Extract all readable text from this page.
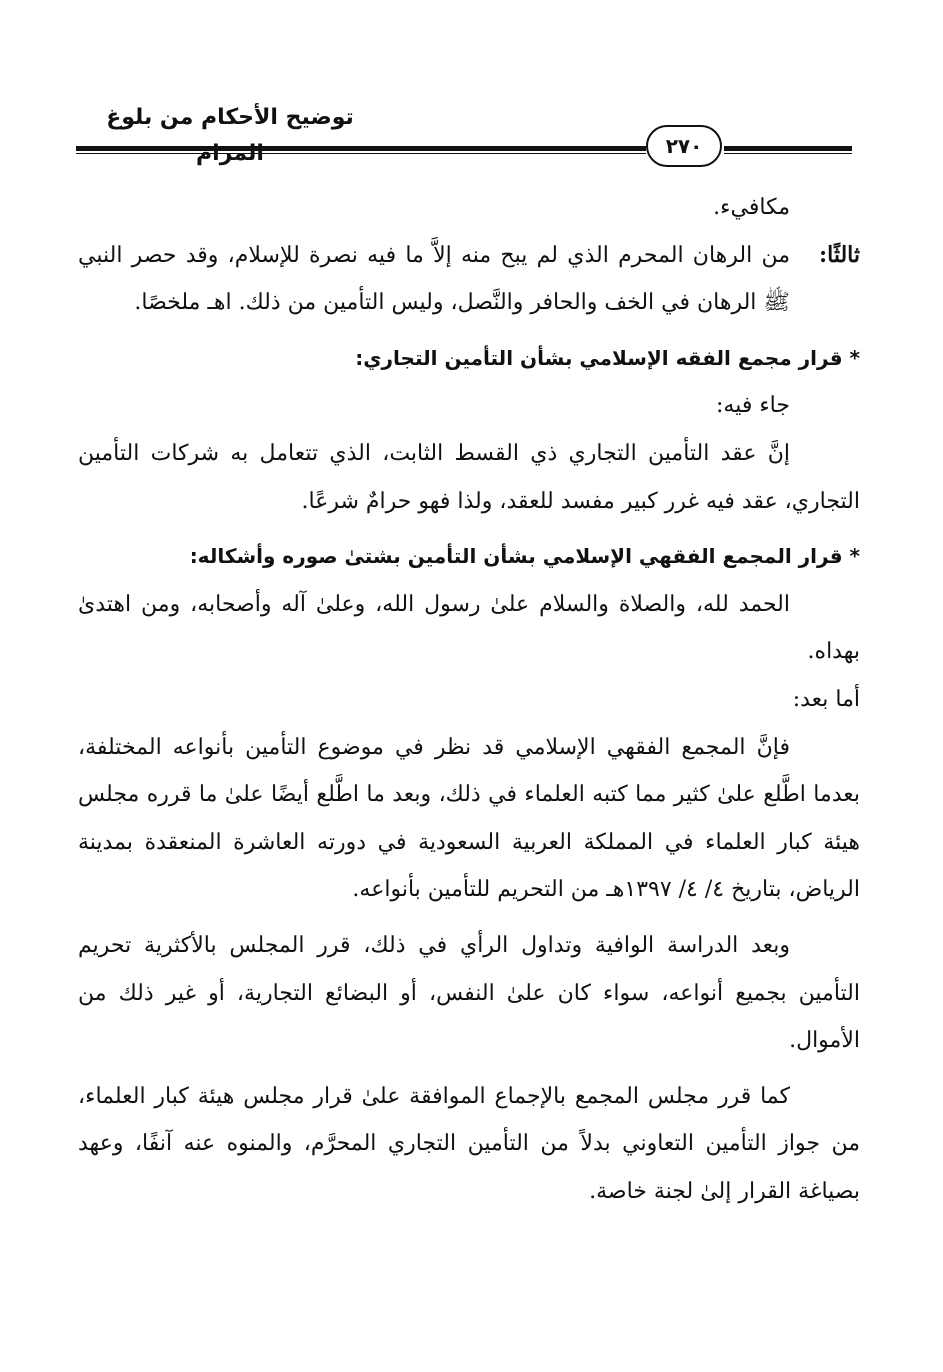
توضيح الأحكام من بلوغ المرام	٢٧٠

مكافيء.

ثالثًا:من الرهان المحرم الذي لم يبح منه إلاَّ ما فيه نصرة للإسلام، وقد حصر النبي ﷺ الرهان في الخف والحافر والنَّصل، وليس التأمين من ذلك. اهـ ملخصًا.

* قرار مجمع الفقه الإسلامي بشأن التأمين التجاري:

جاء فيه:

إنَّ عقد التأمين التجاري ذي القسط الثابت، الذي تتعامل به شركات التأمين التجاري، عقد فيه غرر كبير مفسد للعقد، ولذا فهو حرامٌ شرعًا.

* قرار المجمع الفقهي الإسلامي بشأن التأمين بشتىٰ صوره وأشكاله:

الحمد لله، والصلاة والسلام علىٰ رسول الله، وعلىٰ آله وأصحابه، ومن اهتدىٰ بهداه.

أما بعد:

فإنَّ المجمع الفقهي الإسلامي قد نظر في موضوع التأمين بأنواعه المختلفة، بعدما اطَّلع علىٰ كثير مما كتبه العلماء في ذلك، وبعد ما اطَّلع أيضًا علىٰ ما قرره مجلس هيئة كبار العلماء في المملكة العربية السعودية في دورته العاشرة المنعقدة بمدينة الرياض، بتاريخ ٤/ ٤/ ١٣٩٧هـ من التحريم للتأمين بأنواعه.

وبعد الدراسة الوافية وتداول الرأي في ذلك، قرر المجلس بالأكثرية تحريم التأمين بجميع أنواعه، سواء كان علىٰ النفس، أو البضائع التجارية، أو غير ذلك من الأموال.

كما قرر مجلس المجمع بالإجماع الموافقة علىٰ قرار مجلس هيئة كبار العلماء، من جواز التأمين التعاوني بدلاً من التأمين التجاري المحرَّم، والمنوه عنه آنفًا، وعهد بصياغة القرار إلىٰ لجنة خاصة.
